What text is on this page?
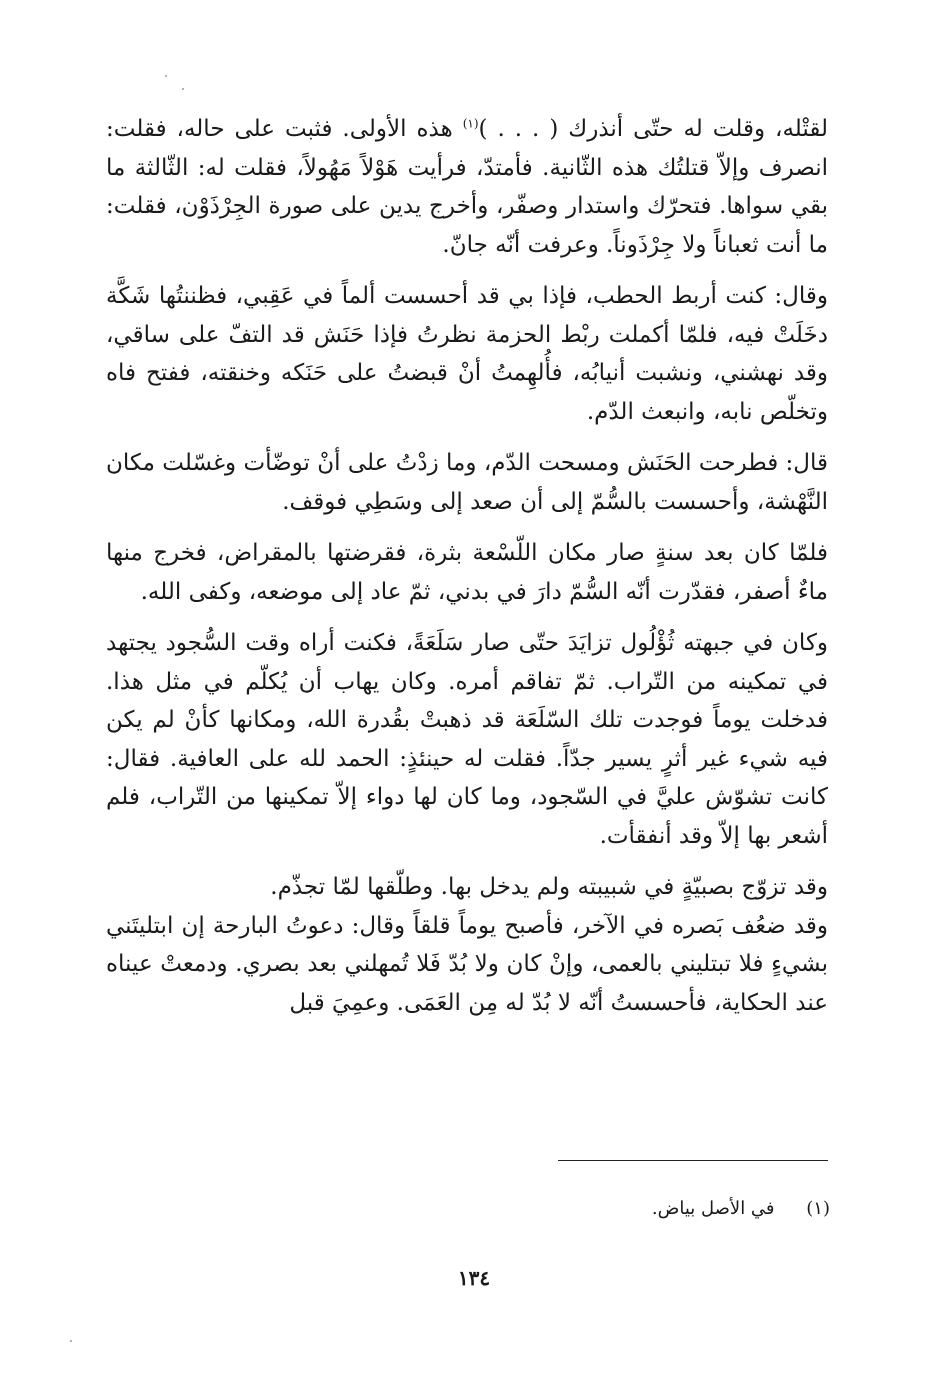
لقتْله، وقلت له حتّى أنذرك ( . . . )$^{(١)}$ هذه الأولى. فثبت على حاله، فقلت: انصرف وإلاّ قتلتُك هذه الثّانية. فأمتدّ، فرأيت هَوْلاً مَهُولاً، فقلت له: الثّالثة ما بقي سواها. فتحرّك واستدار وصفّر، وأخرج يدين على صورة الجِرْذَوْن، فقلت: ما أنت ثعباناً ولا جِرْذَوناً. وعرفت أنّه جانّ.

وقال: كنت أربط الحطب، فإذا بي قد أحسست ألماً في عَقِبي، فظننتُها شَكَّة دخَلَتْ فيه، فلمّا أكملت ربْط الحزمة نظرتُ فإذا حَنَش قد التفّ على ساقي، وقد نهشني، ونشبت أنيابُه، فأُلهِمتُ أنْ قبضتُ على حَنَكه وخنقته، ففتح فاه وتخلّص نابه، وانبعث الدّم.

قال: فطرحت الحَنَش ومسحت الدّم، وما زدْتُ على أنْ توضّأت وغسّلت مكان النَّهْشة، وأحسست بالسُّمّ إلى أن صعد إلى وسَطِي فوقف.

فلمّا كان بعد سنةٍ صار مكان اللّسْعة بثرة، فقرضتها بالمقراض، فخرج منها ماءٌ أصفر، فقدّرت أنّه السُّمّ دارَ في بدني، ثمّ عاد إلى موضعه، وكفى الله.

وكان في جبهته ثُؤْلُول تزايَدَ حتّى صار سَلَعَةً، فكنت أراه وقت السُّجود يجتهد في تمكينه من التّراب. ثمّ تفاقم أمره. وكان يهاب أن يُكلّم في مثل هذا. فدخلت يوماً فوجدت تلك السّلَعَة قد ذهبتْ بقُدرة الله، ومكانها كأنْ لم يكن فيه شيء غير أثرٍ يسير جدّاً. فقلت له حينئذٍ: الحمد لله على العافية. فقال: كانت تشوّش عليَّ في السّجود، وما كان لها دواء إلاّ تمكينها من التّراب، فلم أشعر بها إلاّ وقد أنفقأت.

وقد تزوّج بصبيّةٍ في شبيبته ولم يدخل بها. وطلّقها لمّا تجذّم.

وقد ضعُف بَصره في الآخر، فأصبح يوماً قلقاً وقال: دعوتُ البارحة إن ابتليتَني بشيءٍ فلا تبتليني بالعمى، وإنْ كان ولا بُدّ فَلا تُمهلني بعد بصري. ودمعتْ عيناه عند الحكاية، فأحسستُ أنّه لا بُدّ له مِن العَمَى. وعمِيَ قبل

(١) في الأصل بياض.
١٣٤
